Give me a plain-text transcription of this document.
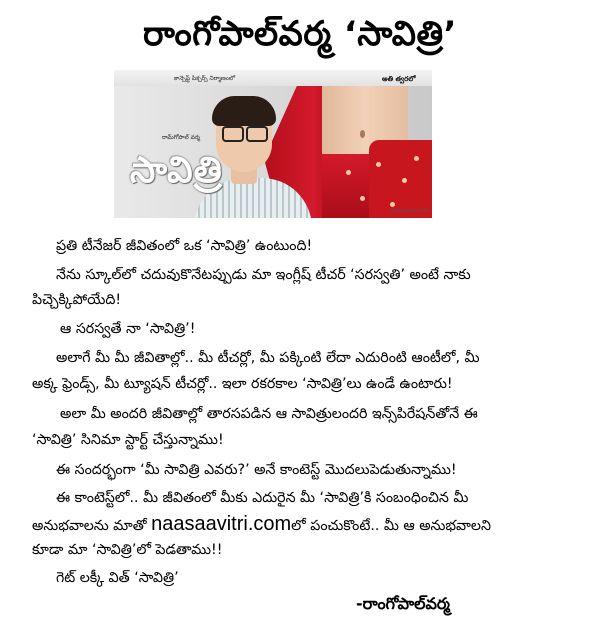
రాంగోపాల్‌వర్మ ‘సావిత్రి’
కాన్సెప్ట్ పిక్చర్స్ నిర్మాణంలో	అతి త్వరలో
రామ్‌గోపాల్ వర్మ
సావిత్రి
naasaavitri.com
ప్రతి టీనేజర్ జీవితంలో ఒక ‘సావిత్రి’ ఉంటుంది!
నేను స్కూల్‌లో చదువుకొనేటప్పుడు మా ఇంగ్లీష్ టీచర్ ‘సరస్వతి’ అంటే నాకు
పిచ్చెక్కిపోయేది!
ఆ సరస్వతే నా ‘సావిత్రి’!
అలాగే మీ మీ జీవితాల్లో.. మీ టీచర్లో, మీ పక్కింటి లేదా ఎదురింటి ఆంటీలో, మీ
అక్క ఫ్రెండ్స్, మీ ట్యూషన్ టీచర్లో.. ఇలా రకరకాల ‘సావిత్రి’లు ఉండే ఉంటారు!
అలా మీ అందరి జీవితాల్లో తారసపడిన ఆ సావిత్రులందరి ఇన్స్‌పిరేషన్‌తోనే ఈ
‘సావిత్రి’ సినిమా స్టార్ట్ చేస్తున్నాము!
ఈ సందర్భంగా ‘మీ సావిత్రి ఎవరు?’ అనే కాంటెస్ట్ మొదలుపెడుతున్నాము!
ఈ కాంటెస్ట్‌లో.. మీ జీవితంలో మీకు ఎదురైన మీ ‘సావిత్రి’కి సంబంధించిన మీ
అనుభవాలను మాతో naasaavitri.comలో పంచుకొంటే.. మీ ఆ అనుభవాలని
కూడా మా ‘సావిత్రి’లో పెడతాము!!
గెట్ లక్కీ విత్ ‘సావిత్రి’
-రాంగోపాల్‌వర్మ
